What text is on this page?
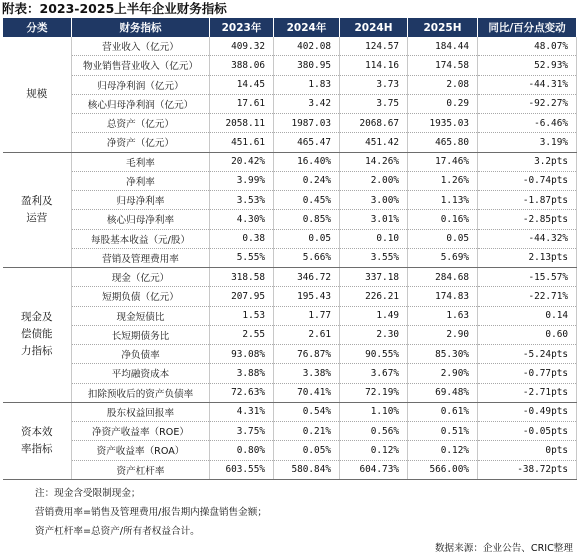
附表：2023-2025上半年企业财务指标
分类	财务指标	2023年	2024年	2024H	2025H	同比/百分点变动
规模	营业收入（亿元）	409.32	402.08	124.57	184.44	48.07%
	物业销售营业收入（亿元）	388.06	380.95	114.16	174.58	52.93%
	归母净利润（亿元）	14.45	1.83	3.73	2.08	-44.31%
	核心归母净利润（亿元）	17.61	3.42	3.75	0.29	-92.27%
	总资产（亿元）	2058.11	1987.03	2068.67	1935.03	-6.46%
	净资产（亿元）	451.61	465.47	451.42	465.80	3.19%
盈利及运营	毛利率	20.42%	16.40%	14.26%	17.46%	3.2pts
	净利率	3.99%	0.24%	2.00%	1.26%	-0.74pts
	归母净利率	3.53%	0.45%	3.00%	1.13%	-1.87pts
	核心归母净利率	4.30%	0.85%	3.01%	0.16%	-2.85pts
	每股基本收益（元/股）	0.38	0.05	0.10	0.05	-44.32%
	营销及管理费用率	5.55%	5.66%	3.55%	5.69%	2.13pts
现金及偿债能力指标	现金（亿元）	318.58	346.72	337.18	284.68	-15.57%
	短期负债（亿元）	207.95	195.43	226.21	174.83	-22.71%
	现金短债比	1.53	1.77	1.49	1.63	0.14
	长短期债务比	2.55	2.61	2.30	2.90	0.60
	净负债率	93.08%	76.87%	90.55%	85.30%	-5.24pts
	平均融资成本	3.88%	3.38%	3.67%	2.90%	-0.77pts
	扣除预收后的资产负债率	72.63%	70.41%	72.19%	69.48%	-2.71pts
资本效率指标	股东权益回报率	4.31%	0.54%	1.10%	0.61%	-0.49pts
	净资产收益率（ROE）	3.75%	0.21%	0.56%	0.51%	-0.05pts
	资产收益率（ROA）	0.80%	0.05%	0.12%	0.12%	0pts
	资产杠杆率	603.55%	580.84%	604.73%	566.00%	-38.72pts
注：现金含受限制现金；
营销费用率=销售及管理费用/报告期内操盘销售金额；
资产杠杆率=总资产/所有者权益合计。
数据来源：企业公告、CRIC整理
